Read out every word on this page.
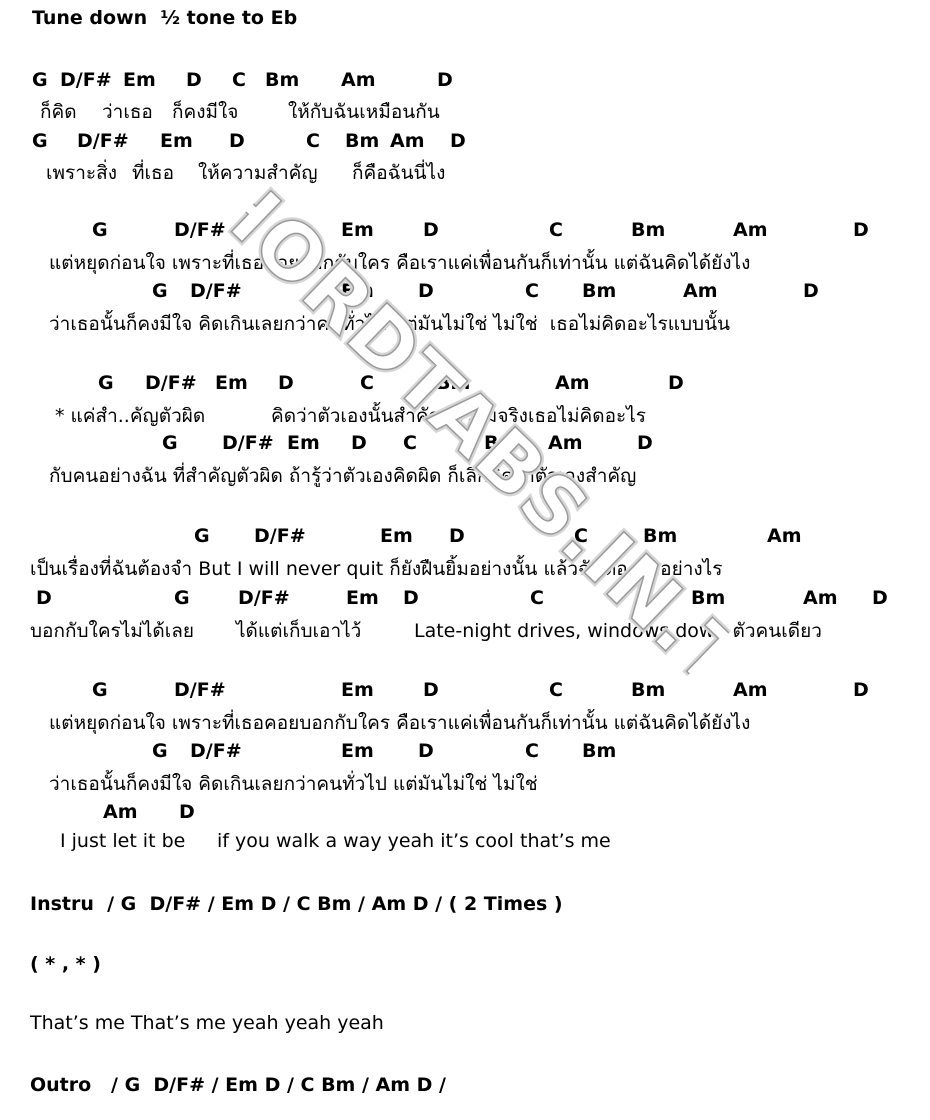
Tune down  ½ tone to Eb

G

D/F#

Em

D

C

Bm

Am

	D

ก็คิด

ว่าเธอ

ก็คงมีใจ

	ให้กับฉันเหมือนกัน

G

D/F#

Em

D

	C

Bm

Am

D

เพราะสิ่ง

ที่เธอ

ให้ความสำคัญ

ก็คือฉันนี่ไง

G

	D/F#

	Em

	D

	C

	Bm

	Am

	D

แต่หยุดก่อนใจ เพราะที่เธอคอยบอกกับใคร คือเราแค่เพื่อนกันก็เท่านั้น แต่ฉันคิดได้ยังไง

G

D/F#

	Em

D

	C

Bm

	Am

	D

ว่าเธอนั้นก็คงมีใจ คิดเกินเลยกว่าคนทั่วไป แต่มันไม่ใช่ ไม่ใช่  เธอไม่คิดอะไรแบบนั้น

G

D/F#

Em

D

	C

	Bm

	Am

	D

* แค่สำ..คัญตัวผิด

	คิดว่าตัวเองนั้นสำคัญ ความจริงเธอไม่คิดอะไร

G

D/F#

Em

D

C

	Bm

Am

	D

กับคนอย่างฉัน ที่สำคัญตัวผิด ถ้ารู้ว่าตัวเองคิดผิด ก็เลิกคิดว่าตัวเองสำคัญ

G

D/F#

	Em

D

	C

	Bm

	Am

เป็นเรื่องที่ฉันต้องจำ But I will never quit ก็ยังฝืนยิ้มอย่างนั้น แล้วฉันต้องทำอย่างไร

D

	G

	D/F#

	Em

D

	C

	Bm

	Am

D

บอกกับใครไม่ได้เลย

ได้แต่เก็บเอาไว้

	Late-night drives, windows down ตัวคนเดียว

G

	D/F#

	Em

	D

	C

	Bm

	Am

	D

แต่หยุดก่อนใจ เพราะที่เธอคอยบอกกับใคร คือเราแค่เพื่อนกันก็เท่านั้น แต่ฉันคิดได้ยังไง

G

D/F#

	Em

D

	C

Bm

ว่าเธอนั้นก็คงมีใจ คิดเกินเลยกว่าคนทั่วไป แต่มันไม่ใช่ ไม่ใช่

Am

D

I just let it be

if you walk a way yeah it’s cool that’s me

Instru  / G  D/F# / Em D / C Bm / Am D / ( 2 Times )

( * , * )

That’s me That’s me yeah yeah yeah

Outro   / G  D/F# / Em D / C Bm / Am D /

CHORDTABS.IN.TH
CHORDTABS.IN.TH
